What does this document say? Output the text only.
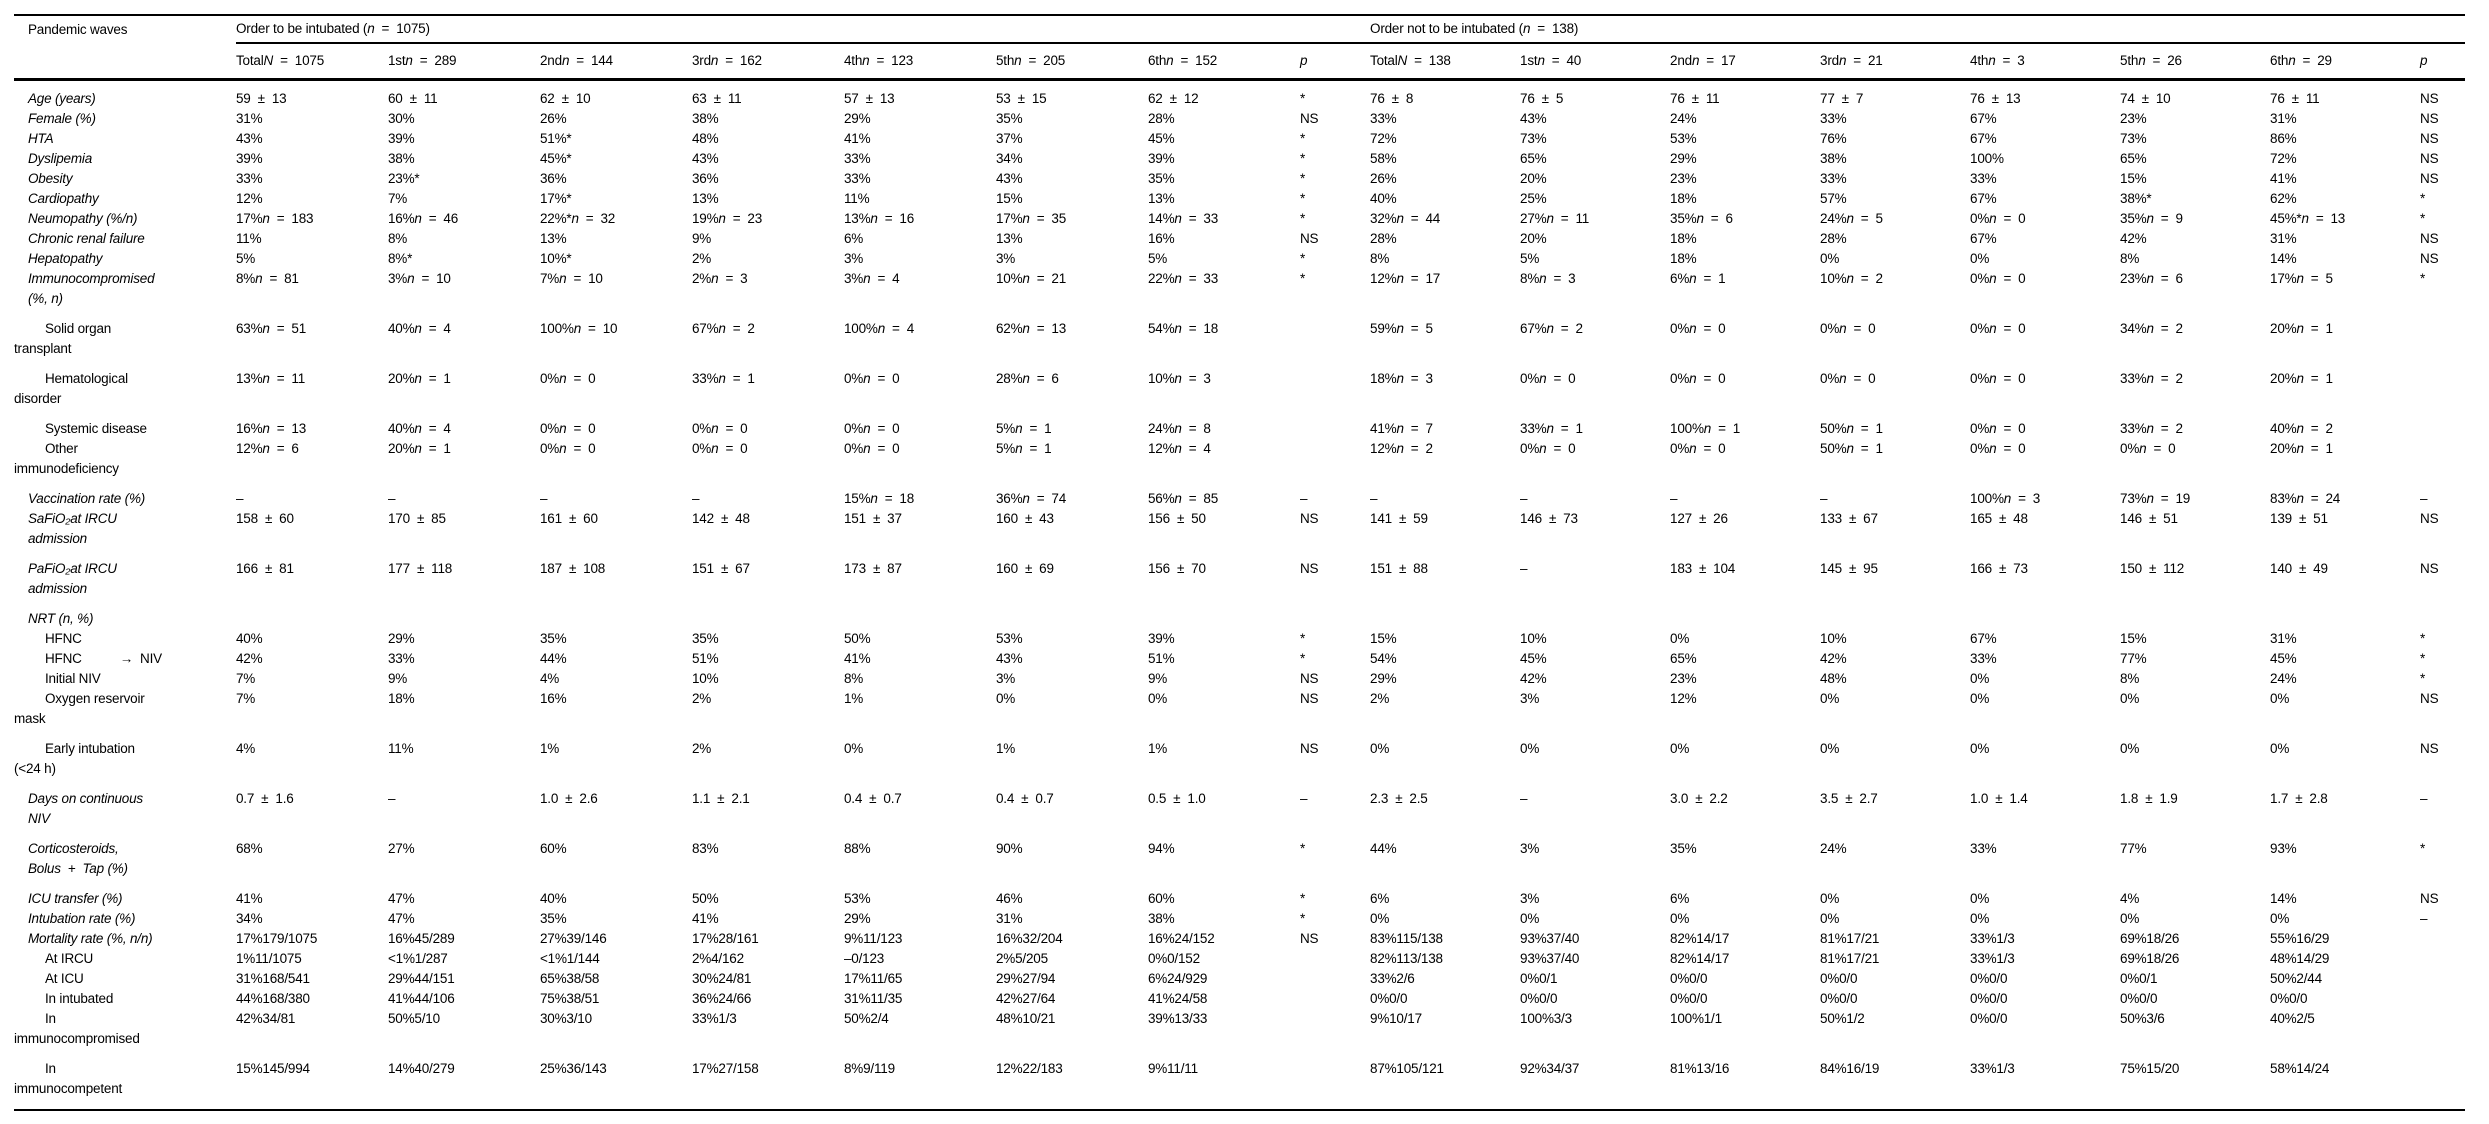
Pandemic waves	Order to be intubated (n = 1075)								Order not to be intubated (n = 138)							
	TotalN = 1075	1stn = 289	2ndn = 144	3rdn = 162	4thn = 123	5thn = 205	6thn = 152	p	TotalN = 138	1stn = 40	2ndn = 17	3rdn = 21	4thn = 3	5thn = 26	6thn = 29	p
Age (years)	59 ± 13	60 ± 11	62 ± 10	63 ± 11	57 ± 13	53 ± 15	62 ± 12	*	76 ± 8	76 ± 5	76 ± 11	77 ± 7	76 ± 13	74 ± 10	76 ± 11	NS
Female (%)	31%	30%	26%	38%	29%	35%	28%	NS	33%	43%	24%	33%	67%	23%	31%	NS
HTA	43%	39%	51%*	48%	41%	37%	45%	*	72%	73%	53%	76%	67%	73%	86%	NS
Dyslipemia	39%	38%	45%*	43%	33%	34%	39%	*	58%	65%	29%	38%	100%	65%	72%	NS
Obesity	33%	23%*	36%	36%	33%	43%	35%	*	26%	20%	23%	33%	33%	15%	41%	NS
Cardiopathy	12%	7%	17%*	13%	11%	15%	13%	*	40%	25%	18%	57%	67%	38%*	62%	*
Neumopathy (%/n)	17%n = 183	16%n = 46	22%*n = 32	19%n = 23	13%n = 16	17%n = 35	14%n = 33	*	32%n = 44	27%n = 11	35%n = 6	24%n = 5	0%n = 0	35%n = 9	45%*n = 13	*
Chronic renal failure	11%	8%	13%	9%	6%	13%	16%	NS	28%	20%	18%	28%	67%	42%	31%	NS
Hepatopathy	5%	8%*	10%*	2%	3%	3%	5%	*	8%	5%	18%	0%	0%	8%	14%	NS
Immunocompromised
(%, n)	8%n = 81	3%n = 10	7%n = 10	2%n = 3	3%n = 4	10%n = 21	22%n = 33	*	12%n = 17	8%n = 3	6%n = 1	10%n = 2	0%n = 0	23%n = 6	17%n = 5	*
Solid organ
transplant	63%n = 51	40%n = 4	100%n = 10	67%n = 2	100%n = 4	62%n = 13	54%n = 18		59%n = 5	67%n = 2	0%n = 0	0%n = 0	0%n = 0	34%n = 2	20%n = 1	
Hematological
disorder	13%n = 11	20%n = 1	0%n = 0	33%n = 1	0%n = 0	28%n = 6	10%n = 3		18%n = 3	0%n = 0	0%n = 0	0%n = 0	0%n = 0	33%n = 2	20%n = 1	
Systemic disease	16%n = 13	40%n = 4	0%n = 0	0%n = 0	0%n = 0	5%n = 1	24%n = 8		41%n = 7	33%n = 1	100%n = 1	50%n = 1	0%n = 0	33%n = 2	40%n = 2	
Other
immunodeficiency	12%n = 6	20%n = 1	0%n = 0	0%n = 0	0%n = 0	5%n = 1	12%n = 4		12%n = 2	0%n = 0	0%n = 0	50%n = 1	0%n = 0	0%n = 0	20%n = 1	
Vaccination rate (%)	–	–	–	–	15%n = 18	36%n = 74	56%n = 85	–	–	–	–	–	100%n = 3	73%n = 19	83%n = 24	–
SaFiO₂at IRCU
admission	158 ± 60	170 ± 85	161 ± 60	142 ± 48	151 ± 37	160 ± 43	156 ± 50	NS	141 ± 59	146 ± 73	127 ± 26	133 ± 67	165 ± 48	146 ± 51	139 ± 51	NS
PaFiO₂at IRCU
admission	166 ± 81	177 ± 118	187 ± 108	151 ± 67	173 ± 87	160 ± 69	156 ± 70	NS	151 ± 88	–	183 ± 104	145 ± 95	166 ± 73	150 ± 112	140 ± 49	NS
NRT (n, %)																
HFNC	40%	29%	35%	35%	50%	53%	39%	*	15%	10%	0%	10%	67%	15%	31%	*
HFNC → NIV	42%	33%	44%	51%	41%	43%	51%	*	54%	45%	65%	42%	33%	77%	45%	*
Initial NIV	7%	9%	4%	10%	8%	3%	9%	NS	29%	42%	23%	48%	0%	8%	24%	*
Oxygen reservoir
mask	7%	18%	16%	2%	1%	0%	0%	NS	2%	3%	12%	0%	0%	0%	0%	NS
Early intubation
(<24 h)	4%	11%	1%	2%	0%	1%	1%	NS	0%	0%	0%	0%	0%	0%	0%	NS
Days on continuous
NIV	0.7 ± 1.6	–	1.0 ± 2.6	1.1 ± 2.1	0.4 ± 0.7	0.4 ± 0.7	0.5 ± 1.0	–	2.3 ± 2.5	–	3.0 ± 2.2	3.5 ± 2.7	1.0 ± 1.4	1.8 ± 1.9	1.7 ± 2.8	–
Corticosteroids,
Bolus + Tap (%)	68%	27%	60%	83%	88%	90%	94%	*	44%	3%	35%	24%	33%	77%	93%	*
ICU transfer (%)	41%	47%	40%	50%	53%	46%	60%	*	6%	3%	6%	0%	0%	4%	14%	NS
Intubation rate (%)	34%	47%	35%	41%	29%	31%	38%	*	0%	0%	0%	0%	0%	0%	0%	–
Mortality rate (%, n/n)	17%179/1075	16%45/289	27%39/146	17%28/161	9%11/123	16%32/204	16%24/152	NS	83%115/138	93%37/40	82%14/17	81%17/21	33%1/3	69%18/26	55%16/29	
At IRCU	1%11/1075	<1%1/287	<1%1/144	2%4/162	–0/123	2%5/205	0%0/152		82%113/138	93%37/40	82%14/17	81%17/21	33%1/3	69%18/26	48%14/29	
At ICU	31%168/541	29%44/151	65%38/58	30%24/81	17%11/65	29%27/94	6%24/929		33%2/6	0%0/1	0%0/0	0%0/0	0%0/0	0%0/1	50%2/44	
In intubated	44%168/380	41%44/106	75%38/51	36%24/66	31%11/35	42%27/64	41%24/58		0%0/0	0%0/0	0%0/0	0%0/0	0%0/0	0%0/0	0%0/0	
In
immunocompromised	42%34/81	50%5/10	30%3/10	33%1/3	50%2/4	48%10/21	39%13/33		9%10/17	100%3/3	100%1/1	50%1/2	0%0/0	50%3/6	40%2/5	
In
immunocompetent	15%145/994	14%40/279	25%36/143	17%27/158	8%9/119	12%22/183	9%11/11		87%105/121	92%34/37	81%13/16	84%16/19	33%1/3	75%15/20	58%14/24	
